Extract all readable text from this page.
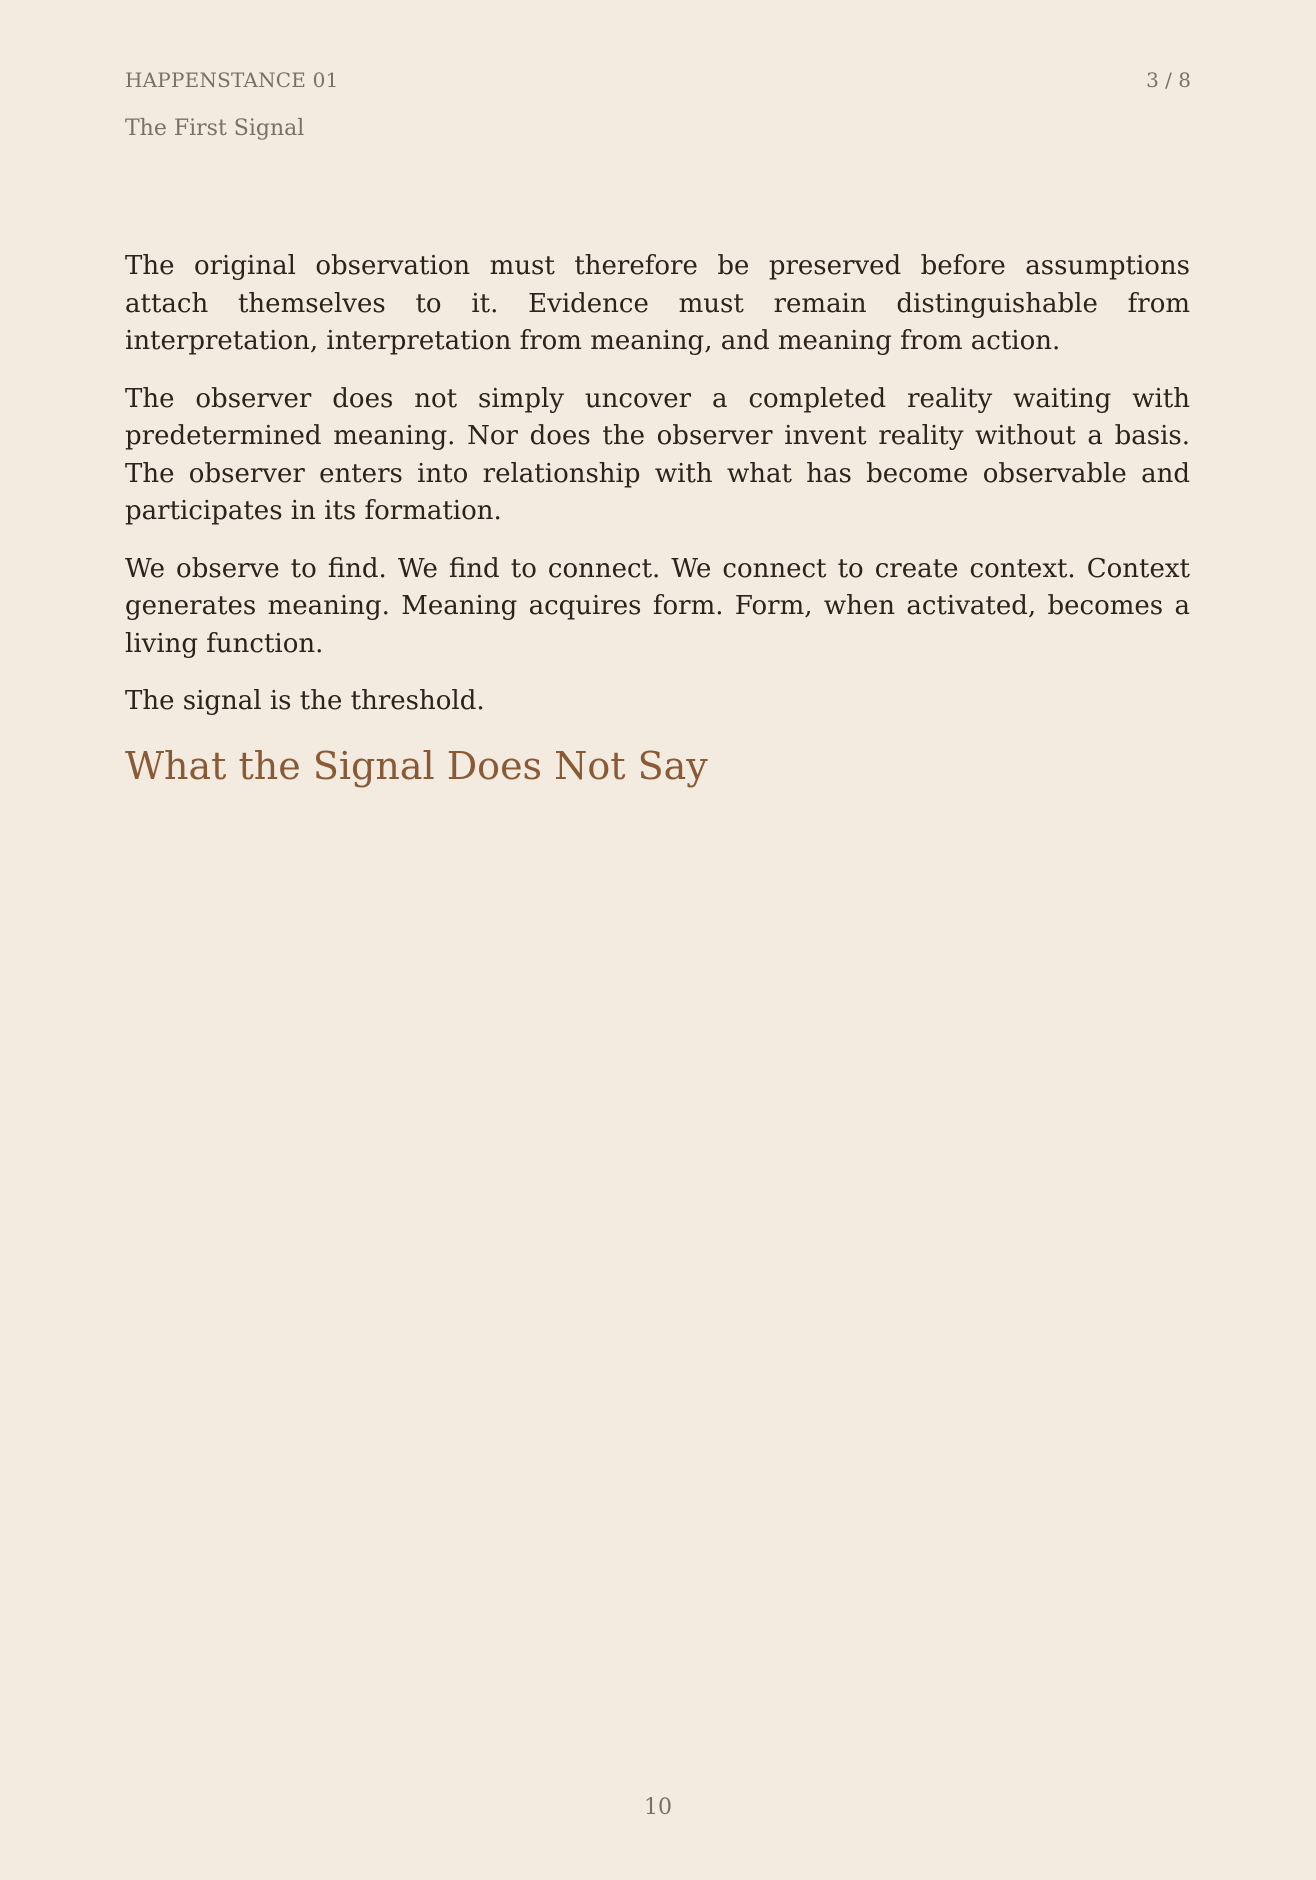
HAPPENSTANCE 01	3 / 8
The First Signal

The original observation must therefore be preserved before assumptions attach themselves to it. Evidence must remain distinguishable from interpretation, interpretation from meaning, and meaning from action.

The observer does not simply uncover a completed reality waiting with predetermined meaning. Nor does the observer invent reality without a basis. The observer enters into relationship with what has become observable and participates in its formation.

We observe to find. We find to connect. We connect to create context. Context generates meaning. Meaning acquires form. Form, when activated, becomes a living function.

The signal is the threshold.

What the Signal Does Not Say
10
